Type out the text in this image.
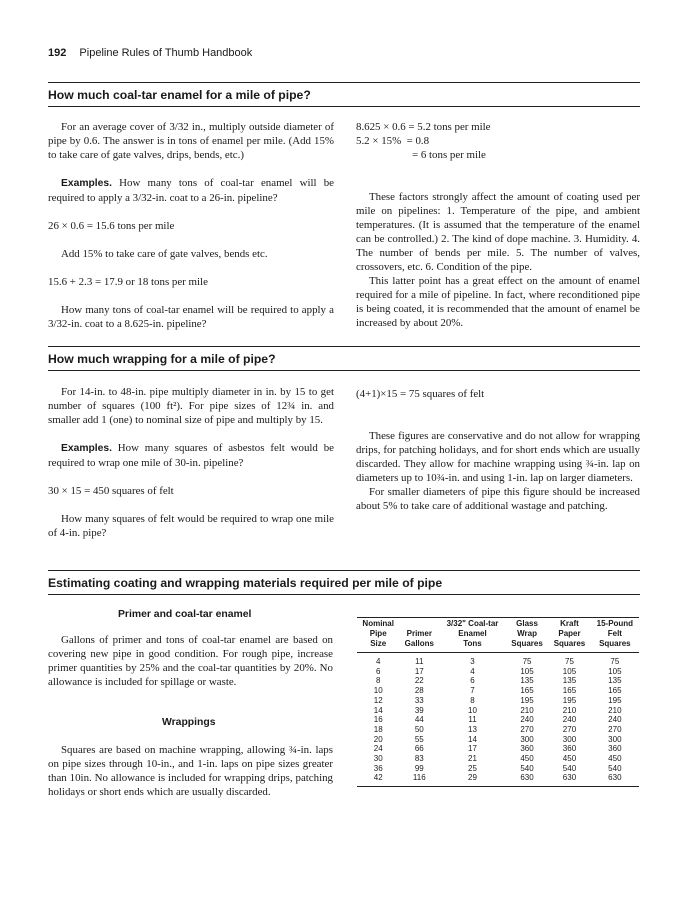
192 Pipeline Rules of Thumb Handbook
How much coal-tar enamel for a mile of pipe?

For an average cover of 3/32 in., multiply outside diameter of pipe by 0.6. The answer is in tons of enamel per mile. (Add 15% to take care of gate valves, drips, bends, etc.)

Examples. How many tons of coal-tar enamel will be required to apply a 3/32-in. coat to a 26-in. pipeline?

26 × 0.6 = 15.6 tons per mile

Add 15% to take care of gate valves, bends etc.

15.6 + 2.3 = 17.9 or 18 tons per mile

How many tons of coal-tar enamel will be required to apply a 3/32-in. coat to a 8.625-in. pipeline?

8.625 × 0.6 = 5.2 tons per mile
5.2 × 15% = 0.8
= 6 tons per mile

These factors strongly affect the amount of coating used per mile on pipelines: 1. Temperature of the pipe, and ambient temperatures. (It is assumed that the temperature of the enamel can be controlled.) 2. The kind of dope machine. 3. Humidity. 4. The number of bends per mile. 5. The number of valves, crossovers, etc. 6. Condition of the pipe.

This latter point has a great effect on the amount of enamel required for a mile of pipeline. In fact, where reconditioned pipe is being coated, it is recommended that the amount of enamel be increased by about 20%.

How much wrapping for a mile of pipe?

For 14-in. to 48-in. pipe multiply diameter in in. by 15 to get number of squares (100 ft²). For pipe sizes of 12¾ in. and smaller add 1 (one) to nominal size of pipe and multiply by 15.

Examples. How many squares of asbestos felt would be required to wrap one mile of 30-in. pipeline?

30 × 15 = 450 squares of felt

How many squares of felt would be required to wrap one mile of 4-in. pipe?

(4+1)×15 = 75 squares of felt

These figures are conservative and do not allow for wrapping drips, for patching holidays, and for short ends which are usually discarded. They allow for machine wrapping using ¾-in. lap on diameters up to 10¾-in. and using 1-in. lap on larger diameters.

For smaller diameters of pipe this figure should be increased about 5% to take care of additional wastage and patching.

Estimating coating and wrapping materials required per mile of pipe
Primer and coal-tar enamel

Gallons of primer and tons of coal-tar enamel are based on covering new pipe in good condition. For rough pipe, increase primer quantities by 25% and the coal-tar quantities by 20%. No allowance is included for spillage or waste.

Wrappings

Squares are based on machine wrapping, allowing ¾-in. laps on pipe sizes through 10-in., and 1-in. laps on pipe sizes greater than 10in. No allowance is included for wrapping drips, patching holidays or short ends which are usually discarded.

Nominal
Pipe
Size	Primer
Gallons	3/32" Coal-tar
Enamel
Tons	Glass
Wrap
Squares	Kraft
Paper
Squares	15-Pound
Felt
Squares
4	11	3	75	75	75
6	17	4	105	105	105
8	22	6	135	135	135
10	28	7	165	165	165
12	33	8	195	195	195
14	39	10	210	210	210
16	44	11	240	240	240
18	50	13	270	270	270
20	55	14	300	300	300
24	66	17	360	360	360
30	83	21	450	450	450
36	99	25	540	540	540
42	116	29	630	630	630
